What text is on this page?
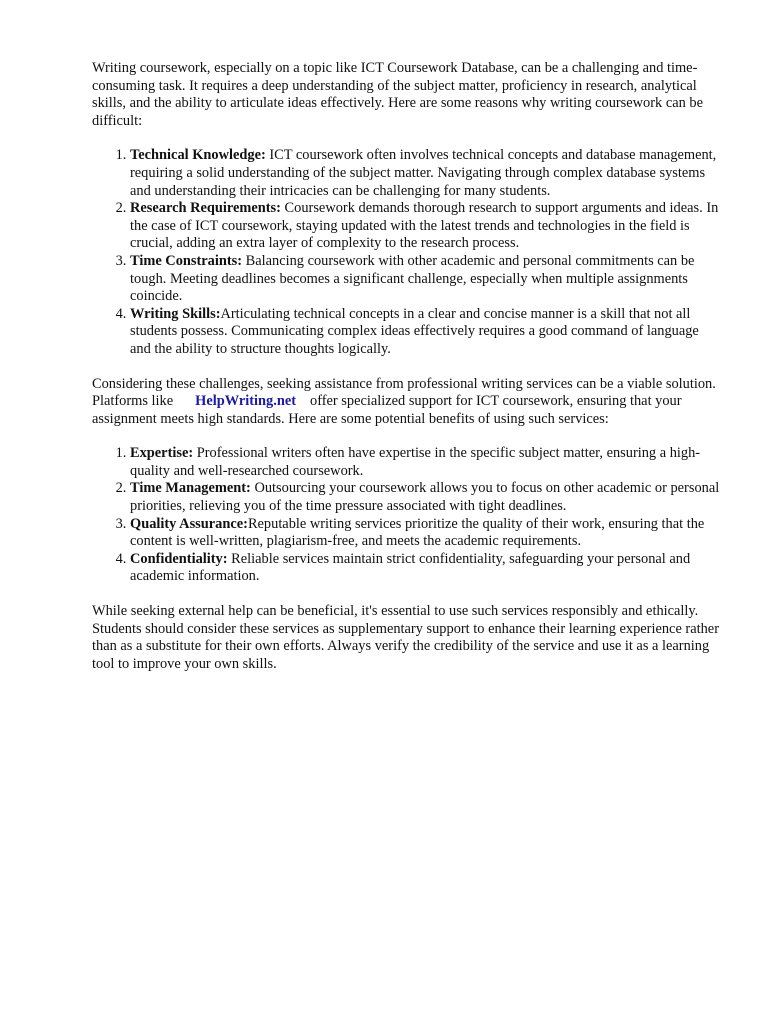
Writing coursework, especially on a topic like ICT Coursework Database, can be a challenging and time-consuming task. It requires a deep understanding of the subject matter, proficiency in research, analytical skills, and the ability to articulate ideas effectively. Here are some reasons why writing coursework can be difficult:

1. Technical Knowledge: ICT coursework often involves technical concepts and database management, requiring a solid understanding of the subject matter. Navigating through complex database systems and understanding their intricacies can be challenging for many students.
2. Research Requirements: Coursework demands thorough research to support arguments and ideas. In the case of ICT coursework, staying updated with the latest trends and technologies in the field is crucial, adding an extra layer of complexity to the research process.
3. Time Constraints: Balancing coursework with other academic and personal commitments can be tough. Meeting deadlines becomes a significant challenge, especially when multiple assignments coincide.
4. Writing Skills:Articulating technical concepts in a clear and concise manner is a skill that not all students possess. Communicating complex ideas effectively requires a good command of language and the ability to structure thoughts logically.

Considering these challenges, seeking assistance from professional writing services can be a viable solution. Platforms like HelpWriting.net offer specialized support for ICT coursework, ensuring that your assignment meets high standards. Here are some potential benefits of using such services:

1. Expertise: Professional writers often have expertise in the specific subject matter, ensuring a high-quality and well-researched coursework.
2. Time Management: Outsourcing your coursework allows you to focus on other academic or personal priorities, relieving you of the time pressure associated with tight deadlines.
3. Quality Assurance:Reputable writing services prioritize the quality of their work, ensuring that the content is well-written, plagiarism-free, and meets the academic requirements.
4. Confidentiality: Reliable services maintain strict confidentiality, safeguarding your personal and academic information.

While seeking external help can be beneficial, it's essential to use such services responsibly and ethically. Students should consider these services as supplementary support to enhance their learning experience rather than as a substitute for their own efforts. Always verify the credibility of the service and use it as a learning tool to improve your own skills.
